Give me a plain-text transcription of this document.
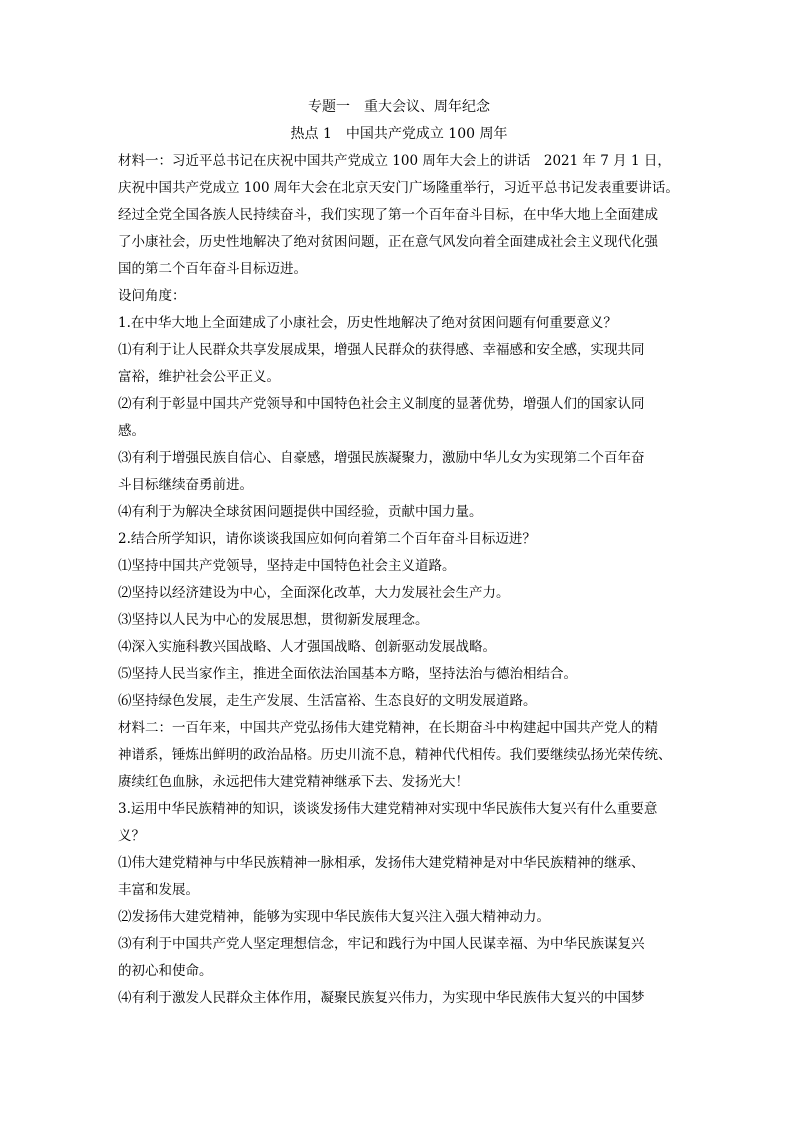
专题一　重大会议、周年纪念
热点 1　中国共产党成立 100 周年
材料一：习近平总书记在庆祝中国共产党成立 100 周年大会上的讲话　2021 年 7 月 1 日，
庆祝中国共产党成立 100 周年大会在北京天安门广场隆重举行，习近平总书记发表重要讲话。
经过全党全国各族人民持续奋斗，我们实现了第一个百年奋斗目标，在中华大地上全面建成
了小康社会，历史性地解决了绝对贫困问题，正在意气风发向着全面建成社会主义现代化强
国的第二个百年奋斗目标迈进。
设问角度：
1.在中华大地上全面建成了小康社会，历史性地解决了绝对贫困问题有何重要意义？
⑴有利于让人民群众共享发展成果，增强人民群众的获得感、幸福感和安全感，实现共同
富裕，维护社会公平正义。
⑵有利于彰显中国共产党领导和中国特色社会主义制度的显著优势，增强人们的国家认同
感。
⑶有利于增强民族自信心、自豪感，增强民族凝聚力，激励中华儿女为实现第二个百年奋
斗目标继续奋勇前进。
⑷有利于为解决全球贫困问题提供中国经验，贡献中国力量。
2.结合所学知识，请你谈谈我国应如何向着第二个百年奋斗目标迈进？
⑴坚持中国共产党领导，坚持走中国特色社会主义道路。
⑵坚持以经济建设为中心，全面深化改革，大力发展社会生产力。
⑶坚持以人民为中心的发展思想，贯彻新发展理念。
⑷深入实施科教兴国战略、人才强国战略、创新驱动发展战略。
⑸坚持人民当家作主，推进全面依法治国基本方略，坚持法治与德治相结合。
⑹坚持绿色发展，走生产发展、生活富裕、生态良好的文明发展道路。
材料二：一百年来，中国共产党弘扬伟大建党精神，在长期奋斗中构建起中国共产党人的精
神谱系，锤炼出鲜明的政治品格。历史川流不息，精神代代相传。我们要继续弘扬光荣传统、
赓续红色血脉，永远把伟大建党精神继承下去、发扬光大！
3.运用中华民族精神的知识，谈谈发扬伟大建党精神对实现中华民族伟大复兴有什么重要意
义？
⑴伟大建党精神与中华民族精神一脉相承，发扬伟大建党精神是对中华民族精神的继承、
丰富和发展。
⑵发扬伟大建党精神，能够为实现中华民族伟大复兴注入强大精神动力。
⑶有利于中国共产党人坚定理想信念，牢记和践行为中国人民谋幸福、为中华民族谋复兴
的初心和使命。
⑷有利于激发人民群众主体作用，凝聚民族复兴伟力，为实现中华民族伟大复兴的中国梦
